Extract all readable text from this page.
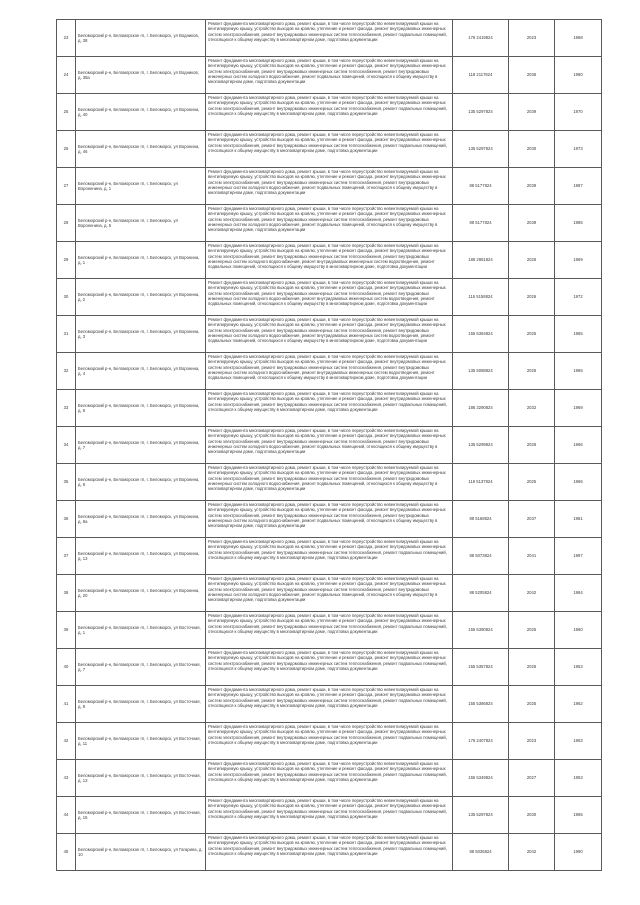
23	Беломорский р-н, Беломорское гп, г. Беломорск, ул Водников, д. 38	Ремонт фундамента многоквартирного дома, ремонт крыши, в том числе переустройство невентилируемой крыши на вентилируемую крышу, устройство выходов на кровлю, утепление и ремонт фасада, ремонт внутридомовых инженерных систем электроснабжения, ремонт внутридомовых инженерных систем теплоснабжения, ремонт подвальных помещений, относящихся к общему имуществу в многоквартирном доме, подготовка документации	176 2419824	2023	1968
24	Беломорский р-н, Беломорское гп, г. Беломорск, ул Водников, д. 38а	Ремонт фундамента многоквартирного дома, ремонт крыши, в том числе переустройство невентилируемой крыши на вентилируемую крышу, устройство выходов на кровлю, утепление и ремонт фасада, ремонт внутридомовых инженерных систем электроснабжения, ремонт внутридомовых инженерных систем теплоснабжения, ремонт внутридомовых инженерных систем холодного водоснабжения, ремонт подвальных помещений, относящихся к общему имуществу в многоквартирном доме, подготовка документации	118 2117824	2036	1980
25	Беломорский р-н, Беломорское гп, г. Беломорск, ул Воронина, д. 40	Ремонт фундамента многоквартирного дома, ремонт крыши, в том числе переустройство невентилируемой крыши на вентилируемую крышу, устройство выходов на кровлю, утепление и ремонт фасада, ремонт внутридомовых инженерных систем электроснабжения, ремонт внутридомовых инженерных систем теплоснабжения, ремонт подвальных помещений, относящихся к общему имуществу в многоквартирном доме, подготовка документации	135 5297824	2039	1970
26	Беломорский р-н, Беломорское гп, г. Беломорск, ул Воронина, д. 46	Ремонт фундамента многоквартирного дома, ремонт крыши, в том числе переустройство невентилируемой крыши на вентилируемую крышу, устройство выходов на кровлю, утепление и ремонт фасада, ремонт внутридомовых инженерных систем электроснабжения, ремонт внутридомовых инженерных систем теплоснабжения, ремонт подвальных помещений, относящихся к общему имуществу в многоквартирном доме, подготовка документации	135 5297824	2030	1973
27	Беломорский р-н, Беломорское гп, г. Беломорск, ул Вороненина, д. 1	Ремонт фундамента многоквартирного дома, ремонт крыши, в том числе переустройство невентилируемой крыши на вентилируемую крышу, устройство выходов на кровлю, утепление и ремонт фасада, ремонт внутридомовых инженерных систем электроснабжения, ремонт внутридомовых инженерных систем теплоснабжения, ремонт внутридомовых инженерных систем холодного водоснабжения, ремонт подвальных помещений, относящихся к общему имуществу в многоквартирном доме, подготовка документации	88 5177824	2039	1987
28	Беломорский р-н, Беломорское гп, г. Беломорск, ул Вороненина, д. 5	Ремонт фундамента многоквартирного дома, ремонт крыши, в том числе переустройство невентилируемой крыши на вентилируемую крышу, устройство выходов на кровлю, утепление и ремонт фасада, ремонт внутридомовых инженерных систем электроснабжения, ремонт внутридомовых инженерных систем теплоснабжения, ремонт внутридомовых инженерных систем холодного водоснабжения, ремонт подвальных помещений, относящихся к общему имуществу в многоквартирном доме, подготовка документации	88 5177824	2039	1985
29	Беломорский р-н, Беломорское гп, г. Беломорск, ул Воронина, д. 1	Ремонт фундамента многоквартирного дома, ремонт крыши, в том числе переустройство невентилируемой крыши на вентилируемую крышу, устройство выходов на кровлю, утепление и ремонт фасада, ремонт внутридомовых инженерных систем электроснабжения, ремонт внутридомовых инженерных систем теплоснабжения, ремонт внутридомовых инженерных систем холодного водоснабжения, ремонт внутридомовых инженерных систем водоотведения, ремонт подвальных помещений, относящихся к общему имуществу в многоквартирном доме, подготовка документации	186 2881824	2026	1969
30	Беломорский р-н, Беломорское гп, г. Беломорск, ул Воронина, д. 2	Ремонт фундамента многоквартирного дома, ремонт крыши, в том числе переустройство невентилируемой крыши на вентилируемую крышу, устройство выходов на кровлю, утепление и ремонт фасада, ремонт внутридомовых инженерных систем электроснабжения, ремонт внутридомовых инженерных систем теплоснабжения, ремонт внутридомовых инженерных систем холодного водоснабжения, ремонт внутридомовых инженерных систем водоотведения, ремонт подвальных помещений, относящихся к общему имуществу в многоквартирном доме, подготовка документации	115 5158824	2026	1972
31	Беломорский р-н, Беломорское гп, г. Беломорск, ул Воронина, д. 3	Ремонт фундамента многоквартирного дома, ремонт крыши, в том числе переустройство невентилируемой крыши на вентилируемую крышу, устройство выходов на кровлю, утепление и ремонт фасада, ремонт внутридомовых инженерных систем электроснабжения, ремонт внутридомовых инженерных систем теплоснабжения, ремонт внутридомовых инженерных систем холодного водоснабжения, ремонт внутридомовых инженерных систем водоотведения, ремонт подвальных помещений, относящихся к общему имуществу в многоквартирном доме, подготовка документации	155 5364824	2025	1965
32	Беломорский р-н, Беломорское гп, г. Беломорск, ул Воронина, д. 4	Ремонт фундамента многоквартирного дома, ремонт крыши, в том числе переустройство невентилируемой крыши на вентилируемую крышу, устройство выходов на кровлю, утепление и ремонт фасада, ремонт внутридомовых инженерных систем электроснабжения, ремонт внутридомовых инженерных систем теплоснабжения, ремонт внутридомовых инженерных систем холодного водоснабжения, ремонт внутридомовых инженерных систем водоотведения, ремонт подвальных помещений, относящихся к общему имуществу в многоквартирном доме, подготовка документации	135 5088824	2026	1965
33	Беломорский р-н, Беломорское гп, г. Беломорск, ул Воронина, д. 6	Ремонт фундамента многоквартирного дома, ремонт крыши, в том числе переустройство невентилируемой крыши на вентилируемую крышу, устройство выходов на кровлю, утепление и ремонт фасада, ремонт внутридомовых инженерных систем электроснабжения, ремонт внутридомовых инженерных систем теплоснабжения, ремонт подвальных помещений, относящихся к общему имуществу в многоквартирном доме, подготовка документации	186 3290824	2032	1969
34	Беломорский р-н, Беломорское гп, г. Беломорск, ул Воронина, д. 7	Ремонт фундамента многоквартирного дома, ремонт крыши, в том числе переустройство невентилируемой крыши на вентилируемую крышу, устройство выходов на кровлю, утепление и ремонт фасада, ремонт внутридомовых инженерных систем электроснабжения, ремонт внутридомовых инженерных систем теплоснабжения, ремонт внутридомовых инженерных систем холодного водоснабжения, ремонт подвальных помещений, относящихся к общему имуществу в многоквартирном доме, подготовка документации	135 5299824	2026	1966
35	Беломорский р-н, Беломорское гп, г. Беломорск, ул Воронина, д. 8	Ремонт фундамента многоквартирного дома, ремонт крыши, в том числе переустройство невентилируемой крыши на вентилируемую крышу, устройство выходов на кровлю, утепление и ремонт фасада, ремонт внутридомовых инженерных систем электроснабжения, ремонт внутридомовых инженерных систем теплоснабжения, ремонт внутридомовых инженерных систем холодного водоснабжения, ремонт подвальных помещений, относящихся к общему имуществу в многоквартирном доме, подготовка документации	119 5137824	2025	1966
36	Беломорский р-н, Беломорское гп, г. Беломорск, ул Воронина, д. 8а	Ремонт фундамента многоквартирного дома, ремонт крыши, в том числе переустройство невентилируемой крыши на вентилируемую крышу, устройство выходов на кровлю, утепление и ремонт фасада, ремонт внутридомовых инженерных систем электроснабжения, ремонт внутридомовых инженерных систем теплоснабжения, ремонт внутридомовых инженерных систем холодного водоснабжения, ремонт подвальных помещений, относящихся к общему имуществу в многоквартирном доме, подготовка документации	88 5168824	2037	1981
37	Беломорский р-н, Беломорское гп, г. Беломорск, ул Воронина, д. 13	Ремонт фундамента многоквартирного дома, ремонт крыши, в том числе переустройство невентилируемой крыши на вентилируемую крышу, устройство выходов на кровлю, утепление и ремонт фасада, ремонт внутридомовых инженерных систем электроснабжения, ремонт внутридомовых инженерных систем теплоснабжения, ремонт подвальных помещений, относящихся к общему имуществу в многоквартирном доме, подготовка документации	88 5073824	2041	1987
38	Беломорский р-н, Беломорское гп, г. Беломорск, ул Воронина, д. 20	Ремонт фундамента многоквартирного дома, ремонт крыши, в том числе переустройство невентилируемой крыши на вентилируемую крышу, устройство выходов на кровлю, утепление и ремонт фасада, ремонт внутридомовых инженерных систем электроснабжения, ремонт внутридомовых инженерных систем теплоснабжения, ремонт внутридомовых инженерных систем холодного водоснабжения, ремонт подвальных помещений, относящихся к общему имуществу в многоквартирном доме, подготовка документации	88 5205824	2042	1984
39	Беломорский р-н, Беломорское гп, г. Беломорск, ул Восточная, д. 1	Ремонт фундамента многоквартирного дома, ремонт крыши, в том числе переустройство невентилируемой крыши на вентилируемую крышу, устройство выходов на кровлю, утепление и ремонт фасада, ремонт внутридомовых инженерных систем электроснабжения, ремонт внутридомовых инженерных систем теплоснабжения, ремонт подвальных помещений, относящихся к общему имуществу в многоквартирном доме, подготовка документации	155 5390824	2025	1960
40	Беломорский р-н, Беломорское гп, г. Беломорск, ул Восточная, д. 7	Ремонт фундамента многоквартирного дома, ремонт крыши, в том числе переустройство невентилируемой крыши на вентилируемую крышу, устройство выходов на кровлю, утепление и ремонт фасада, ремонт внутридомовых инженерных систем электроснабжения, ремонт внутридомовых инженерных систем теплоснабжения, ремонт подвальных помещений, относящихся к общему имуществу в многоквартирном доме, подготовка документации	155 5357824	2026	1953
41	Беломорский р-н, Беломорское гп, г. Беломорск, ул Восточная, д. 9	Ремонт фундамента многоквартирного дома, ремонт крыши, в том числе переустройство невентилируемой крыши на вентилируемую крышу, устройство выходов на кровлю, утепление и ремонт фасада, ремонт внутридомовых инженерных систем электроснабжения, ремонт внутридомовых инженерных систем теплоснабжения, ремонт подвальных помещений, относящихся к общему имуществу в многоквартирном доме, подготовка документации	155 5366824	2025	1962
42	Беломорский р-н, Беломорское гп, г. Беломорск, ул Восточная, д. 11	Ремонт фундамента многоквартирного дома, ремонт крыши, в том числе переустройство невентилируемой крыши на вентилируемую крышу, устройство выходов на кровлю, утепление и ремонт фасада, ремонт внутридомовых инженерных систем электроснабжения, ремонт внутридомовых инженерных систем теплоснабжения, ремонт подвальных помещений, относящихся к общему имуществу в многоквартирном доме, подготовка документации	176 2407824	2023	1963
43	Беломорский р-н, Беломорское гп, г. Беломорск, ул Восточная, д. 13	Ремонт фундамента многоквартирного дома, ремонт крыши, в том числе переустройство невентилируемой крыши на вентилируемую крышу, устройство выходов на кровлю, утепление и ремонт фасада, ремонт внутридомовых инженерных систем электроснабжения, ремонт внутридомовых инженерных систем теплоснабжения, ремонт подвальных помещений, относящихся к общему имуществу в многоквартирном доме, подготовка документации	155 5349824	2027	1953
44	Беломорский р-н, Беломорское гп, г. Беломорск, ул Восточная, д. 15	Ремонт фундамента многоквартирного дома, ремонт крыши, в том числе переустройство невентилируемой крыши на вентилируемую крышу, устройство выходов на кровлю, утепление и ремонт фасада, ремонт внутридомовых инженерных систем электроснабжения, ремонт внутридомовых инженерных систем теплоснабжения, ремонт подвальных помещений, относящихся к общему имуществу в многоквартирном доме, подготовка документации	135 5297824	2030	1965
45	Беломорский р-н, Беломорское гп, г. Беломорск, ул Гагарина, д. 10	Ремонт фундамента многоквартирного дома, ремонт крыши, в том числе переустройство невентилируемой крыши на вентилируемую крышу, устройство выходов на кровлю, утепление и ремонт фасада, ремонт внутридомовых инженерных систем электроснабжения, ремонт внутридомовых инженерных систем теплоснабжения, ремонт подвальных помещений, относящихся к общему имуществу в многоквартирном доме, подготовка документации	88 5036824	2042	1990
